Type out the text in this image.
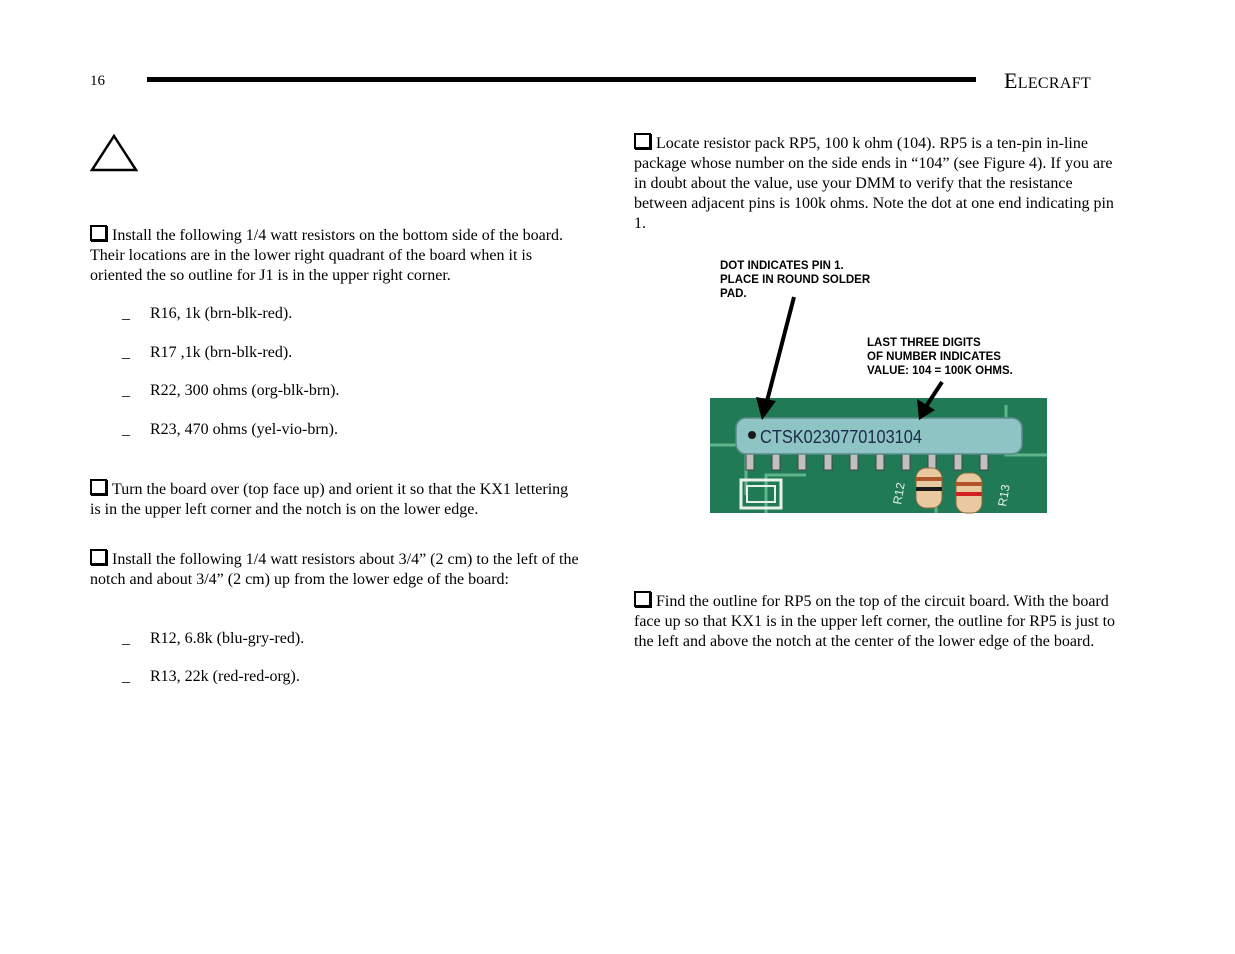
16	ELECRAFT

Install the following 1/4 watt resistors on the bottom side of the board. Their locations are in the lower right quadrant of the board when it is oriented the so outline for J1 is in the upper right corner.

_ R16, 1k (brn-blk-red).
_ R17 ,1k (brn-blk-red).
_ R22, 300 ohms (org-blk-brn).
_ R23, 470 ohms (yel-vio-brn).

Turn the board over (top face up) and orient it so that the KX1 lettering is in the upper left corner and the notch is on the lower edge.

Install the following 1/4 watt resistors about 3/4” (2 cm) to the left of the notch and about 3/4” (2 cm) up from the lower edge of the board:

_ R12, 6.8k (blu-gry-red).
_ R13, 22k (red-red-org).

Locate resistor pack RP5, 100 k ohm (104). RP5 is a ten-pin in-line package whose number on the side ends in “104” (see Figure 4). If you are in doubt about the value, use your DMM to verify that the resistance between adjacent pins is 100k ohms. Note the dot at one end indicating pin 1.

DOT INDICATES PIN 1.
PLACE IN ROUND SOLDER
PAD.
LAST THREE DIGITS
OF NUMBER INDICATES
VALUE: 104 = 100K OHMS.
CTSK0230770103104
R12	R13

Find the outline for RP5 on the top of the circuit board. With the board face up so that KX1 is in the upper left corner, the outline for RP5 is just to the left and above the notch at the center of the lower edge of the board.
